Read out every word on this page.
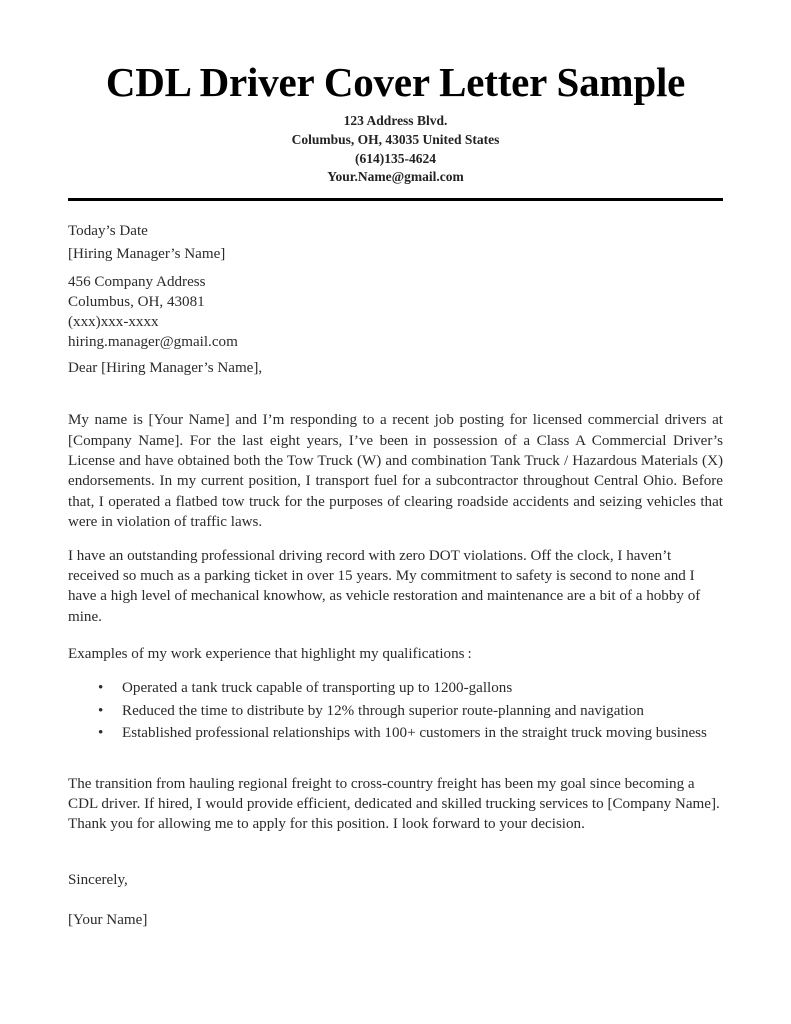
CDL Driver Cover Letter Sample
123 Address Blvd.
Columbus, OH, 43035 United States
(614)135-4624
Your.Name@gmail.com
Today’s Date
[Hiring Manager’s Name]
456 Company Address
Columbus, OH, 43081
(xxx)xxx-xxxx
hiring.manager@gmail.com
Dear [Hiring Manager’s Name],

My name is [Your Name] and I’m responding to a recent job posting for licensed commercial drivers at [Company Name]. For the last eight years, I’ve been in possession of a Class A Commercial Driver’s License and have obtained both the Tow Truck (W) and combination Tank Truck / Hazardous Materials (X) endorsements. In my current position, I transport fuel for a subcontractor throughout Central Ohio. Before that, I operated a flatbed tow truck for the purposes of clearing roadside accidents and seizing vehicles that were in violation of traffic laws.

I have an outstanding professional driving record with zero DOT violations. Off the clock, I haven’t received so much as a parking ticket in over 15 years. My commitment to safety is second to none and I have a high level of mechanical knowhow, as vehicle restoration and maintenance are a bit of a hobby of mine.

Examples of my work experience that highlight my qualifications :

• Operated a tank truck capable of transporting up to 1200-gallons
• Reduced the time to distribute by 12% through superior route-planning and navigation
• Established professional relationships with 100+ customers in the straight truck moving business

The transition from hauling regional freight to cross-country freight has been my goal since becoming a CDL driver. If hired, I would provide efficient, dedicated and skilled trucking services to [Company Name]. Thank you for allowing me to apply for this position. I look forward to your decision.

Sincerely,
[Your Name]
